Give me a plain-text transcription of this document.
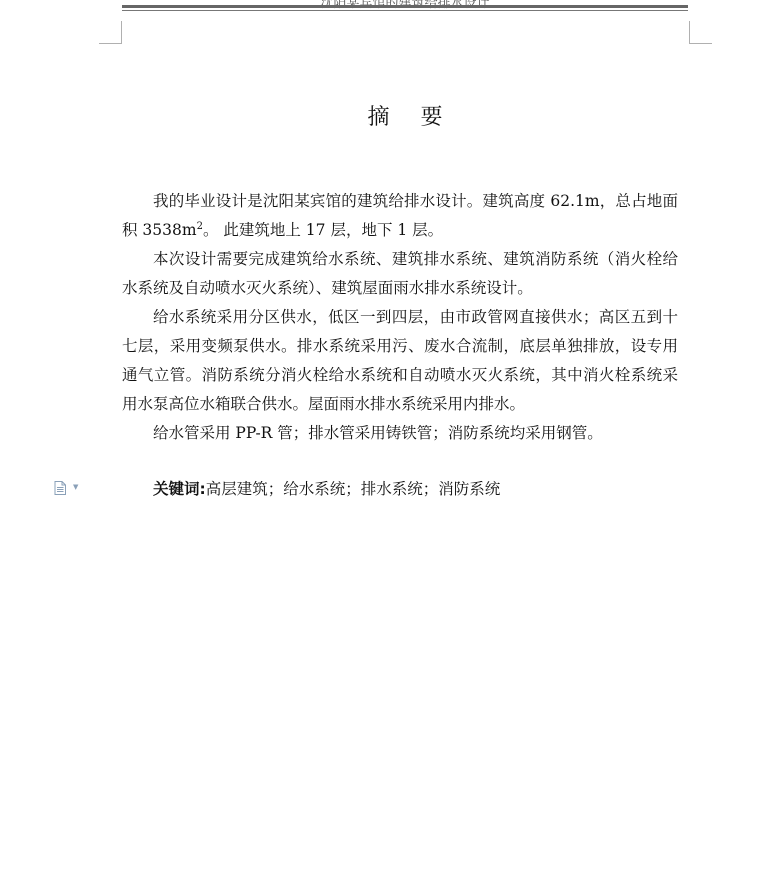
摘 要

我的毕业设计是沈阳某宾馆的建筑给排水设计。建筑高度 62.1m，总占地面积 $3538m^2$。 此建筑地上 17 层，地下 1 层。

本次设计需要完成建筑给水系统、建筑排水系统、建筑消防系统（消火栓给水系统及自动喷水灭火系统）、建筑屋面雨水排水系统设计。

给水系统采用分区供水，低区一到四层，由市政管网直接供水；高区五到十七层，采用变频泵供水。排水系统采用污、废水合流制，底层单独排放，设专用通气立管。消防系统分消火栓给水系统和自动喷水灭火系统，其中消火栓系统采用水泵高位水箱联合供水。屋面雨水排水系统采用内排水。

给水管采用 PP-R 管；排水管采用铸铁管；消防系统均采用钢管。

▼	关键词:高层建筑；给水系统；排水系统；消防系统
